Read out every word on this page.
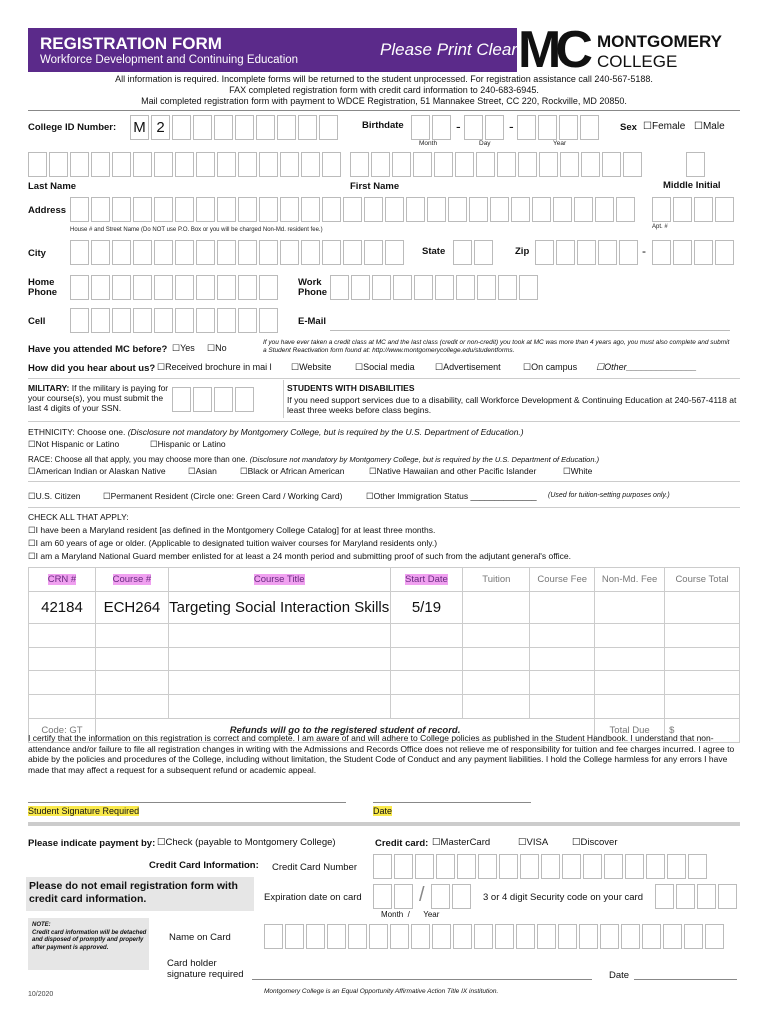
REGISTRATION FORM
Workforce Development and Continuing Education
Please Print Clearly
MC MONTGOMERY
COLLEGE
All information is required. Incomplete forms will be returned to the student unprocessed. For registration assistance call 240-567-5188.
FAX completed registration form with credit card information to 240-683-6945.
Mail completed registration form with payment to WDCE Registration, 51 Mannakee Street, CC 220, Rockville, MD 20850.
College ID Number: M 2	Birthdate	-	-
Month	Day	Year
Sex ☐Female ☐Male
Last Name	First Name	Middle Initial
Address
House # and Street Name (Do NOT use P.O. Box or you will be charged Non-Md. resident fee.)	Apt. #
City	State	Zip	-
Home
Phone
Work
Phone
Cell	E-Mail
Have you attended MC before? ☐Yes ☐No
If you have ever taken a credit class at MC and the last class (credit or non-credit) you took at MC was more than 4 years ago, you must also complete and submit a Student Reactivation form found at: http://www.montgomerycollege.edu/studentforms.
How did you hear about us? ☐Received brochure in mai l ☐Website	☐Social media ☐Advertisement ☐On campus ☐Other______________
MILITARY: If the military is paying for your course(s), you must submit the last 4 digits of your SSN.
STUDENTS WITH DISABILITIES
If you need support services due to a disability, call Workforce Development & Continuing Education at 240-567-4118 at least three weeks before class begins.
ETHNICITY: Choose one. (Disclosure not mandatory by Montgomery College, but is required by the U.S. Department of Education.)
☐Not Hispanic or Latino	☐Hispanic or Latino
RACE: Choose all that apply, you may choose more than one. (Disclosure not mandatory by Montgomery College, but is required by the U.S. Department of Education.)
☐American Indian or Alaskan Native	☐Asian	☐Black or African American	☐Native Hawaiian and other Pacific Islander	☐White
☐U.S. Citizen	☐Permanent Resident (Circle one: Green Card / Working Card)	☐Other Immigration Status ______________ (Used for tuition-setting purposes only.)
CHECK ALL THAT APPLY:
☐I have been a Maryland resident [as defined in the Montgomery College Catalog] for at least three months.
☐I am 60 years of age or older. (Applicable to designated tuition waiver courses for Maryland residents only.)
☐I am a Maryland National Guard member enlisted for at least a 24 month period and submitting proof of such from the adjutant general's office.
CRN #	Course #	Course Title	Start Date	Tuition	Course Fee	Non-Md. Fee	Course Total
42184	ECH264	Targeting Social Interaction Skills	5/19				

Code: GT	Refunds will go to the registered student of record.					Total Due	$
I certify that the information on this registration is correct and complete. I am aware of and will adhere to College policies as published in the Student Handbook. I understand that non-attendance and/or failure to file all registration changes in writing with the Admissions and Records Office does not relieve me of responsibility for tuition and fee charges incurred. I agree to abide by the policies and procedures of the College, including without limitation, the Student Code of Conduct and any payment liabilities. I hold the College harmless for any errors I have made that may affect a request for a subsequent refund or academic appeal.
Student Signature Required	Date
Please indicate payment by: ☐Check (payable to Montgomery College)	Credit card: ☐MasterCard	☐VISA	☐Discover
Credit Card Information: Credit Card Number
Please do not email registration form with credit card information.	Expiration date on card	/	3 or 4 digit Security code on your card
Month  /      Year
NOTE:
Credit card information will be detached and disposed of promptly and properly after payment is approved.
Name on Card
Card holder
signature required	Date
10/2020	Montgomery College is an Equal Opportunity Affirmative Action Title IX institution.
